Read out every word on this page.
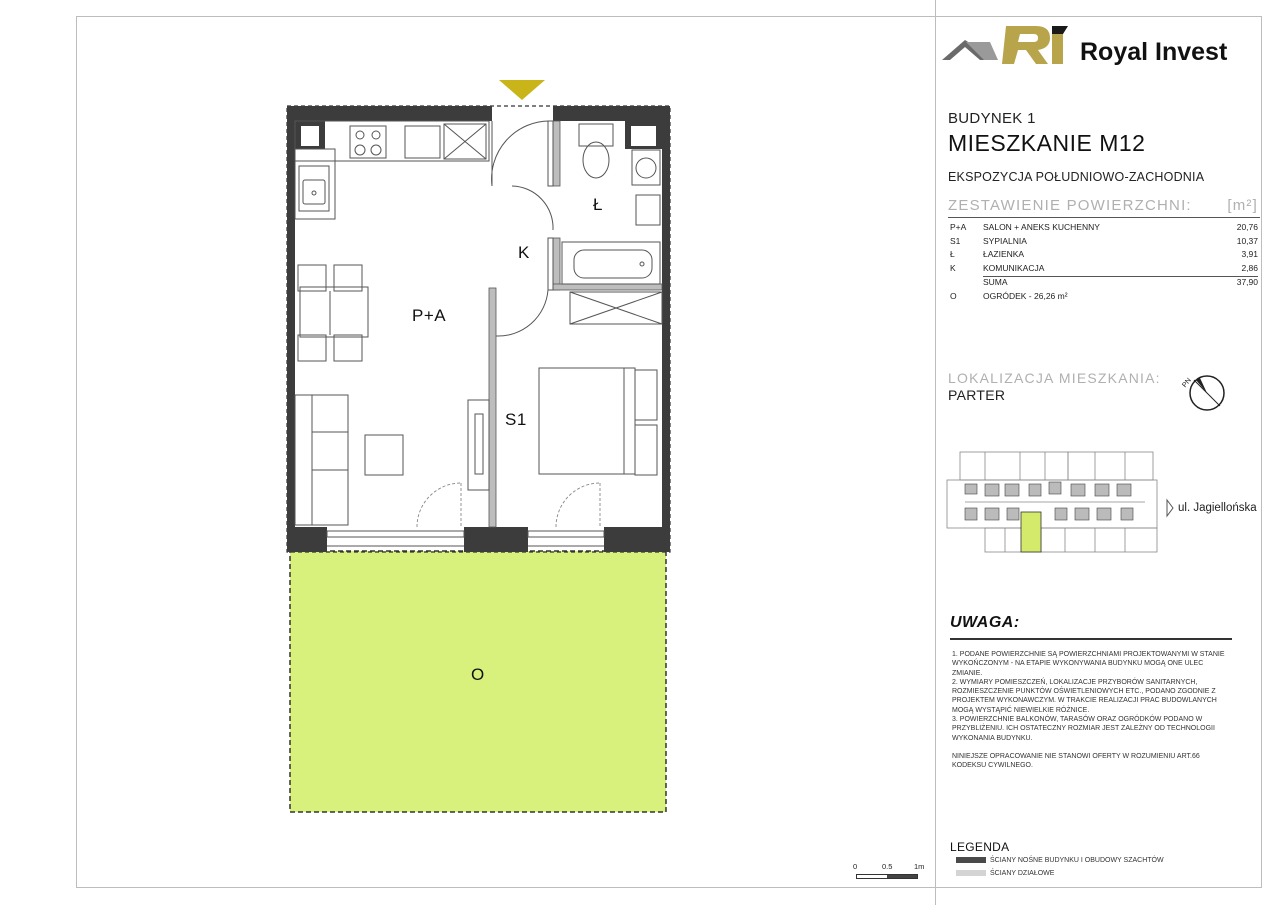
P+A
S1
K
Ł
O
0	0.5	1m
Royal Invest
BUDYNEK 1
MIESZKANIE M12
EKSPOZYCJA POŁUDNIOWO-ZACHODNIA
ZESTAWIENIE POWIERZCHNI: [m²]
P+A SALON + ANEKS KUCHENNY	20,76
S1	SYPIALNIA	10,37
Ł	ŁAZIENKA	3,91
K	KOMUNIKACJA	2,86
SUMA	37,90
O	OGRÓDEK - 26,26 m²
LOKALIZACJA MIESZKANIA:
PARTER
PN
ul. Jagiellońska
UWAGA:

1. PODANE POWIERZCHNIE SĄ POWIERZCHNIAMI PROJEKTOWANYMI W STANIE WYKOŃCZONYM - NA ETAPIE WYKONYWANIA BUDYNKU MOGĄ ONE ULEC ZMIANIE.

2. WYMIARY POMIESZCZEŃ, LOKALIZACJE PRZYBORÓW SANITARNYCH, ROZMIESZCZENIE PUNKTÓW OŚWIETLENIOWYCH ETC., PODANO ZGODNIE Z PROJEKTEM WYKONAWCZYM. W TRAKCIE REALIZACJI PRAC BUDOWLANYCH MOGĄ WYSTĄPIĆ NIEWIELKIE RÓŻNICE.

3. POWIERZCHNIE BALKONÓW, TARASÓW ORAZ OGRÓDKÓW PODANO W PRZYBLIŻENIU. ICH OSTATECZNY ROZMIAR JEST ZALEŻNY OD TECHNOLOGII WYKONANIA BUDYNKU.

NINIEJSZE OPRACOWANIE NIE STANOWI OFERTY W ROZUMIENIU ART.66 KODEKSU CYWILNEGO.

LEGENDA
ŚCIANY NOŚNE BUDYNKU I OBUDOWY SZACHTÓW
ŚCIANY DZIAŁOWE
